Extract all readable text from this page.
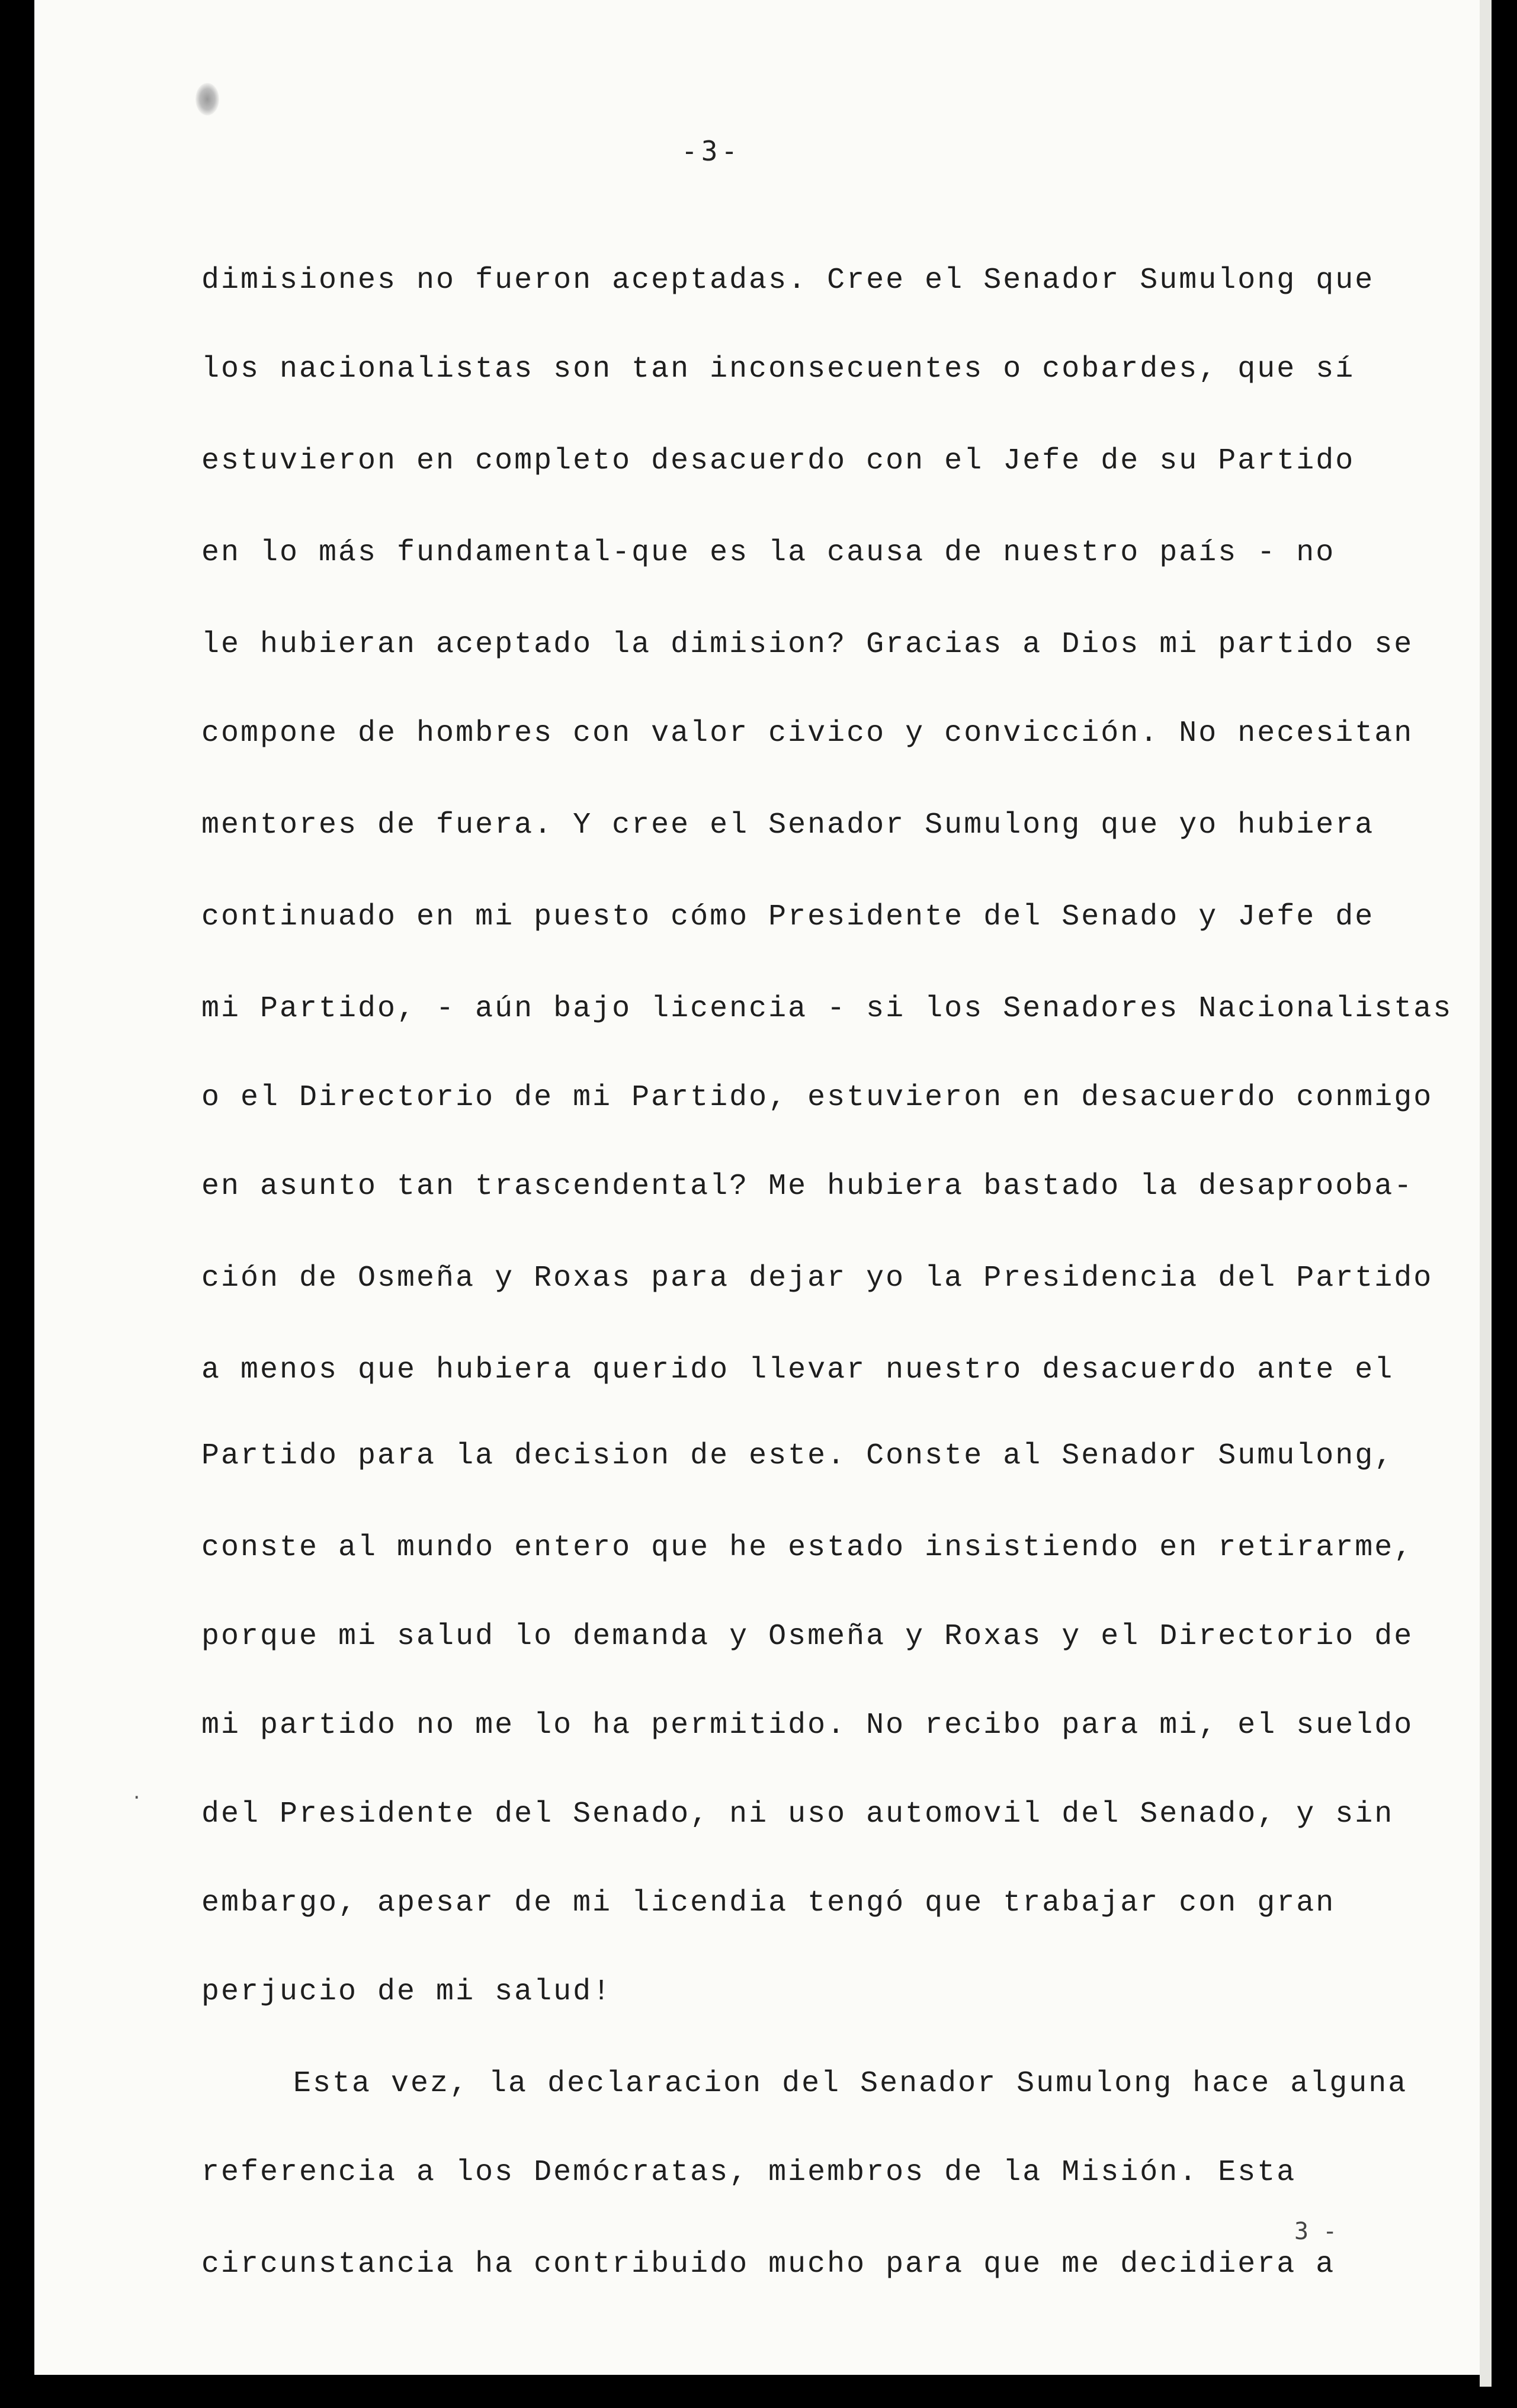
-3-
dimisiones no fueron aceptadas. Cree el Senador Sumulong que
los nacionalistas son tan inconsecuentes o cobardes, que sí
estuvieron en completo desacuerdo con el Jefe de su Partido
en lo más fundamental-que es la causa de nuestro país - no
le hubieran aceptado la dimision? Gracias a Dios mi partido se
compone de hombres con valor civico y convicción. No necesitan
mentores de fuera. Y cree el Senador Sumulong que yo hubiera
continuado en mi puesto cómo Presidente del Senado y Jefe de
mi Partido, - aún bajo licencia - si los Senadores Nacionalistas
o el Directorio de mi Partido, estuvieron en desacuerdo conmigo
en asunto tan trascendental? Me hubiera bastado la desaprooba-
ción de Osmeña y Roxas para dejar yo la Presidencia del Partido
a menos que hubiera querido llevar nuestro desacuerdo ante el
Partido para la decision de este. Conste al Senador Sumulong,
conste al mundo entero que he estado insistiendo en retirarme,
porque mi salud lo demanda y Osmeña y Roxas y el Directorio de
mi partido no me lo ha permitido. No recibo para mi, el sueldo
del Presidente del Senado, ni uso automovil del Senado, y sin
embargo, apesar de mi licendia tengó que trabajar con gran
perjucio de mi salud!
Esta vez, la declaracion del Senador Sumulong hace alguna
referencia a los Demócratas, miembros de la Misión. Esta
circunstancia ha contribuido mucho para que me decidiera a
·
3 -
